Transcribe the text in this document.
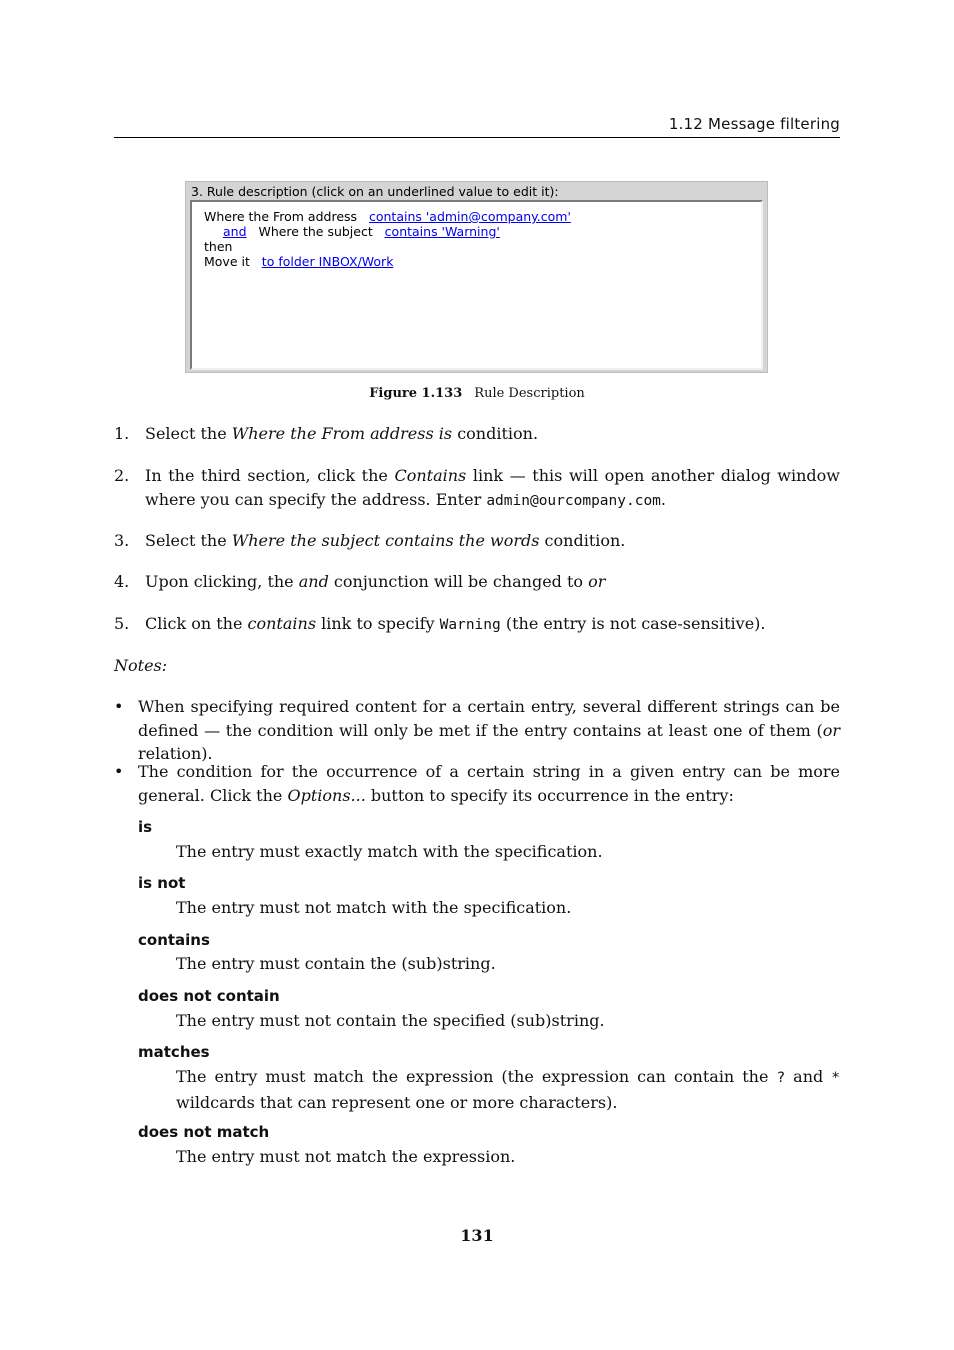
1.12 Message filtering
3. Rule description (click on an underlined value to edit it):
Where the From address contains 'admin@company.com'
and Where the subject contains 'Warning'
then
Move it to folder INBOX/Work
Figure 1.133 Rule Description
1. Select the Where the From address is condition.
2. In the third section, click the Contains link — this will open another dialog window where you can specify the address. Enter admin@ourcompany.com.
3. Select the Where the subject contains the words condition.
4. Upon clicking, the and conjunction will be changed to or
5. Click on the contains link to specify Warning (the entry is not case-sensitive).
Notes:
• When specifying required content for a certain entry, several different strings can be defined — the condition will only be met if the entry contains at least one of them (or relation).
• The condition for the occurrence of a certain string in a given entry can be more general. Click the Options... button to specify its occurrence in the entry:
is
The entry must exactly match with the specification.
is not
The entry must not match with the specification.
contains
The entry must contain the (sub)string.
does not contain
The entry must not contain the specified (sub)string.
matches
The entry must match the expression (the expression can contain the ? and * wildcards that can represent one or more characters).
does not match
The entry must not match the expression.
131
